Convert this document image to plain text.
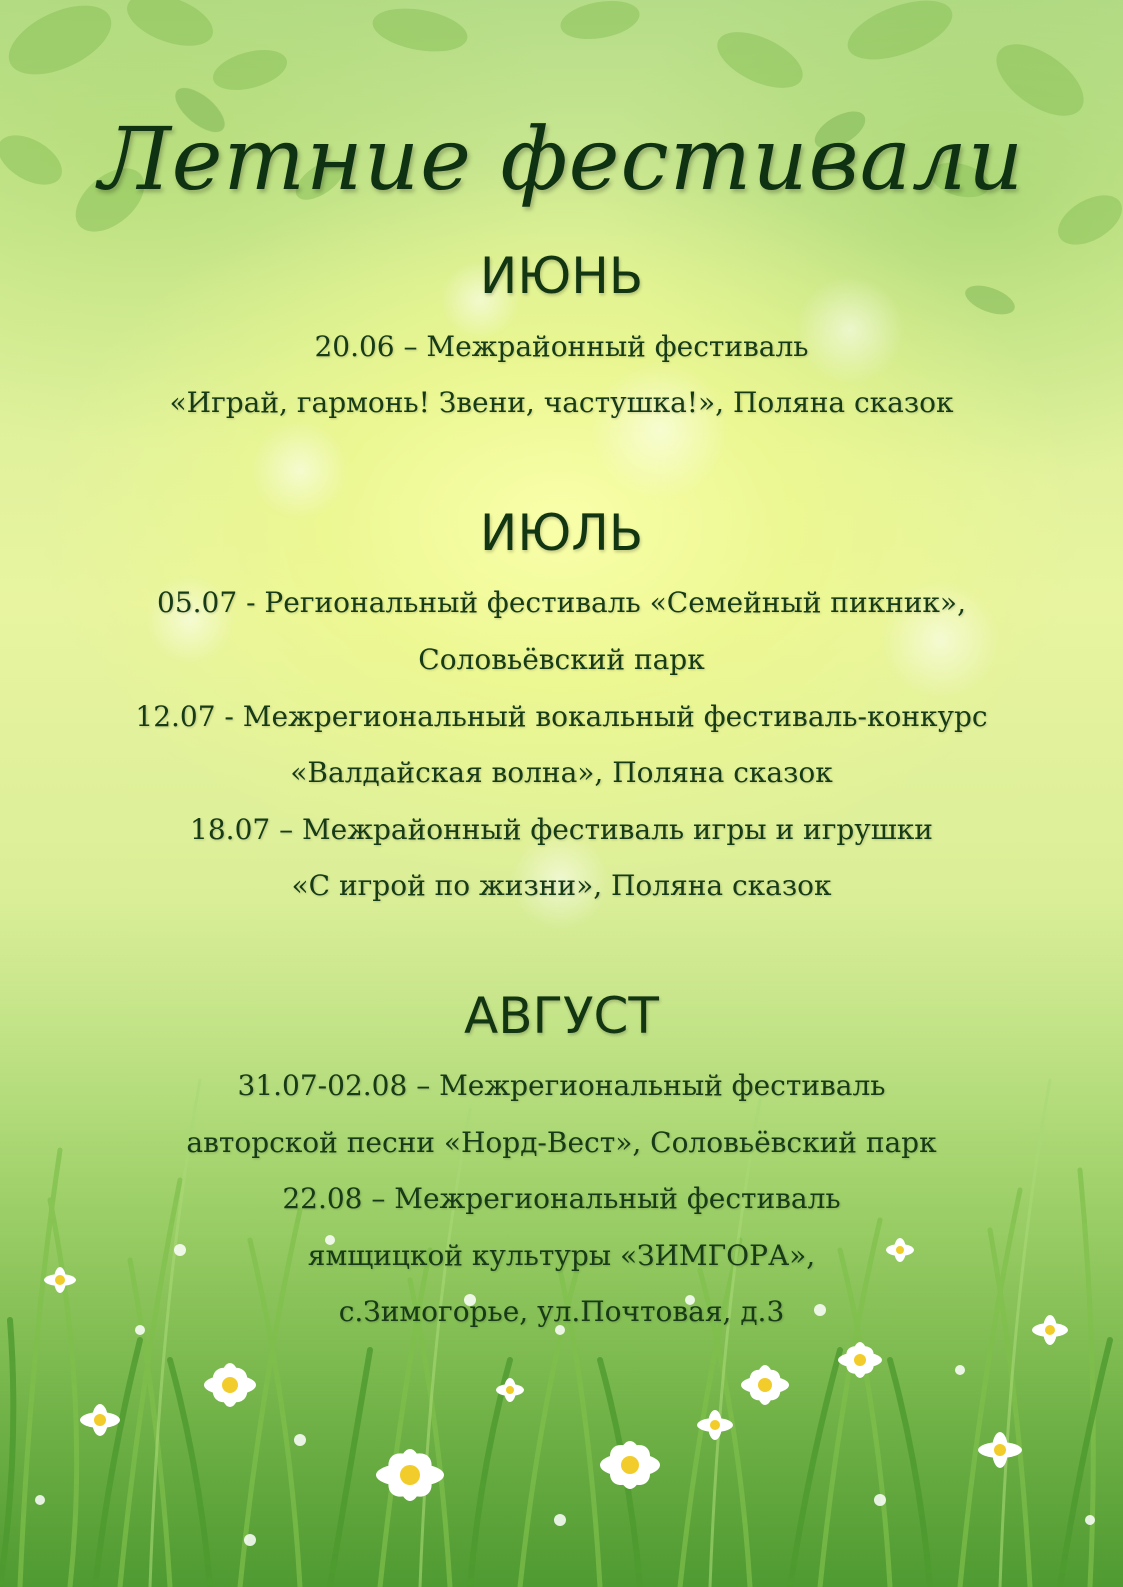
Летние фестивали
ИЮНЬ
20.06 – Межрайонный фестиваль
«Играй, гармонь! Звени, частушка!», Поляна сказок
ИЮЛЬ
05.07 - Региональный фестиваль «Семейный пикник»,
Соловьёвский парк
12.07 - Межрегиональный вокальный фестиваль-конкурс
«Валдайская волна», Поляна сказок
18.07 – Межрайонный фестиваль игры и игрушки
«С игрой по жизни», Поляна сказок
АВГУСТ
31.07-02.08 – Межрегиональный фестиваль
авторской песни «Норд-Вест», Соловьёвский парк
22.08 – Межрегиональный фестиваль
ямщицкой культуры «ЗИМГОРА»,
с.Зимогорье, ул.Почтовая, д.3
